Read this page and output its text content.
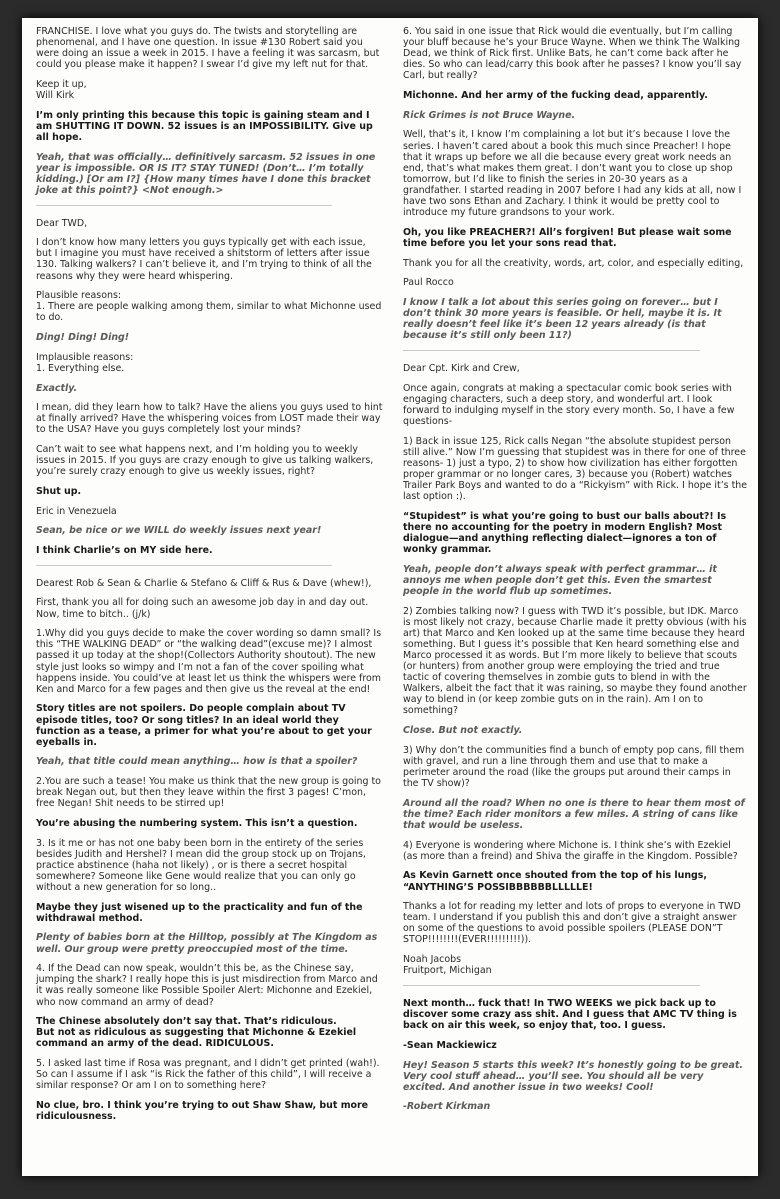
FRANCHISE. I love what you guys do. The twists and storytelling are phenomenal, and I have one question. In issue #130 Robert said you were doing an issue a week in 2015. I have a feeling it was sarcasm, but could you please make it happen? I swear I’d give my left nut for that.

Keep it up,
Will Kirk

I’m only printing this because this topic is gaining steam and I am SHUTTING IT DOWN. 52 issues is an IMPOSSIBILITY. Give up all hope.

Yeah, that was officially… definitively sarcasm. 52 issues in one year is impossible. OR IS IT? STAY TUNED! (Don’t… I’m totally kidding.) [Or am I?] {How many times have I done this bracket joke at this point?} <Not enough.>

Dear TWD,

I don’t know how many letters you guys typically get with each issue, but I imagine you must have received a shitstorm of letters after issue 130. Talking walkers? I can’t believe it, and I’m trying to think of all the reasons why they were heard whispering.

Plausible reasons:
1. There are people walking among them, similar to what Michonne used to do.

Ding! Ding! Ding!

Implausible reasons:
1. Everything else.

Exactly.

I mean, did they learn how to talk? Have the aliens you guys used to hint at finally arrived? Have the whispering voices from LOST made their way to the USA? Have you guys completely lost your minds?

Can’t wait to see what happens next, and I’m holding you to weekly issues in 2015. If you guys are crazy enough to give us talking walkers, you’re surely crazy enough to give us weekly issues, right?

Shut up.

Eric in Venezuela

Sean, be nice or we WILL do weekly issues next year!

I think Charlie’s on MY side here.

Dearest Rob & Sean & Charlie & Stefano & Cliff & Rus & Dave (whew!),

First, thank you all for doing such an awesome job day in and day out. Now, time to bitch.. (j/k)

1.Why did you guys decide to make the cover wording so damn small? Is this “THE WALKING DEAD” or “the walking dead”(excuse me)? I almost passed it up today at the shop!(Collectors Authority shoutout). The new style just looks so wimpy and I’m not a fan of the cover spoiling what happens inside. You could’ve at least let us think the whispers were from Ken and Marco for a few pages and then give us the reveal at the end!

Story titles are not spoilers. Do people complain about TV episode titles, too? Or song titles? In an ideal world they function as a tease, a primer for what you’re about to get your eyeballs in.

Yeah, that title could mean anything… how is that a spoiler?

2.You are such a tease! You make us think that the new group is going to break Negan out, but then they leave within the first 3 pages! C’mon, free Negan! Shit needs to be stirred up!

You’re abusing the numbering system. This isn’t a question.

3. Is it me or has not one baby been born in the entirety of the series besides Judith and Hershel? I mean did the group stock up on Trojans, practice abstinence (haha not likely) , or is there a secret hospital somewhere? Someone like Gene would realize that you can only go without a new generation for so long..

Maybe they just wisened up to the practicality and fun of the withdrawal method.

Plenty of babies born at the Hilltop, possibly at The Kingdom as well. Our group were pretty preoccupied most of the time.

4. If the Dead can now speak, wouldn’t this be, as the Chinese say, jumping the shark? I really hope this is just misdirection from Marco and it was really someone like Possible Spoiler Alert: Michonne and Ezekiel, who now command an army of dead?

The Chinese absolutely don’t say that. That’s ridiculous.
But not as ridiculous as suggesting that Michonne & Ezekiel command an army of the dead. RIDICULOUS.

5. I asked last time if Rosa was pregnant, and I didn’t get printed (wah!). So can I assume if I ask “is Rick the father of this child”, I will receive a similar response? Or am I on to something here?

No clue, bro. I think you’re trying to out Shaw Shaw, but more ridiculousness.

6. You said in one issue that Rick would die eventually, but I’m calling your bluff because he’s your Bruce Wayne. When we think The Walking Dead, we think of Rick first. Unlike Bats, he can’t come back after he dies. So who can lead/carry this book after he passes? I know you’ll say Carl, but really?

Michonne. And her army of the fucking dead, apparently.

Rick Grimes is not Bruce Wayne.

Well, that’s it, I know I’m complaining a lot but it’s because I love the series. I haven’t cared about a book this much since Preacher! I hope that it wraps up before we all die because every great work needs an end, that’s what makes them great. I don’t want you to close up shop tomorrow, but I’d like to finish the series in 20-30 years as a grandfather. I started reading in 2007 before I had any kids at all, now I have two sons Ethan and Zachary. I think it would be pretty cool to introduce my future grandsons to your work.

Oh, you like PREACHER?! All’s forgiven! But please wait some time before you let your sons read that.

Thank you for all the creativity, words, art, color, and especially editing,

Paul Rocco

I know I talk a lot about this series going on forever… but I don’t think 30 more years is feasible. Or hell, maybe it is. It really doesn’t feel like it’s been 12 years already (is that because it’s still only been 11?)

Dear Cpt. Kirk and Crew,

Once again, congrats at making a spectacular comic book series with engaging characters, such a deep story, and wonderful art. I look forward to indulging myself in the story every month. So, I have a few questions-

1) Back in issue 125, Rick calls Negan “the absolute stupidest person still alive.” Now I’m guessing that stupidest was in there for one of three reasons- 1) just a typo, 2) to show how civilization has either forgotten proper grammar or no longer cares, 3) because you (Robert) watches Trailer Park Boys and wanted to do a “Rickyism” with Rick. I hope it’s the last option :).

“Stupidest” is what you’re going to bust our balls about?! Is there no accounting for the poetry in modern English? Most dialogue—and anything reflecting dialect—ignores a ton of wonky grammar.

Yeah, people don’t always speak with perfect grammar… it annoys me when people don’t get this. Even the smartest people in the world flub up sometimes.

2) Zombies talking now? I guess with TWD it’s possible, but IDK. Marco is most likely not crazy, because Charlie made it pretty obvious (with his art) that Marco and Ken looked up at the same time because they heard something. But I guess it’s possible that Ken heard something else and Marco processed it as words. But I’m more likely to believe that scouts (or hunters) from another group were employing the tried and true tactic of covering themselves in zombie guts to blend in with the Walkers, albeit the fact that it was raining, so maybe they found another way to blend in (or keep zombie guts on in the rain). Am I on to something?

Close. But not exactly.

3) Why don’t the communities find a bunch of empty pop cans, fill them with gravel, and run a line through them and use that to make a perimeter around the road (like the groups put around their camps in the TV show)?

Around all the road? When no one is there to hear them most of the time? Each rider monitors a few miles. A string of cans like that would be useless.

4) Everyone is wondering where Michone is. I think she’s with Ezekiel (as more than a freind) and Shiva the giraffe in the Kingdom. Possible?

As Kevin Garnett once shouted from the top of his lungs, “ANYTHING’S POSSIBBBBBBLLLLLE!

Thanks a lot for reading my letter and lots of props to everyone in TWD team. I understand if you publish this and don’t give a straight answer on some of the questions to avoid possible spoilers (PLEASE DON”T STOP!!!!!!!!(EVER!!!!!!!!!)).

Noah Jacobs
Fruitport, Michigan

Next month… fuck that! In TWO WEEKS we pick back up to discover some crazy ass shit. And I guess that AMC TV thing is back on air this week, so enjoy that, too. I guess.

-Sean Mackiewicz

Hey! Season 5 starts this week? It’s honestly going to be great. Very cool stuff ahead… you’ll see. You should all be very excited. And another issue in two weeks! Cool!

-Robert Kirkman
